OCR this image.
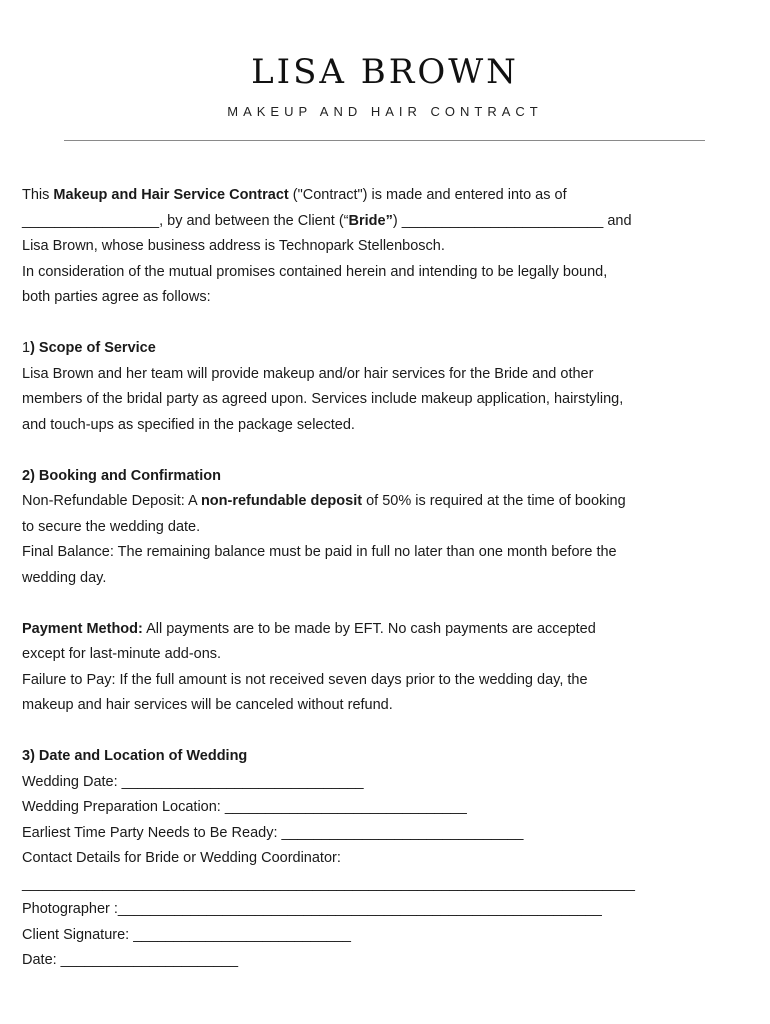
LISA BROWN
MAKEUP AND HAIR CONTRACT
This Makeup and Hair Service Contract ("Contract") is made and entered into as of
_________________, by and between the Client (“Bride”) _________________________ and
Lisa Brown, whose business address is Technopark Stellenbosch.
In consideration of the mutual promises contained herein and intending to be legally bound,
both parties agree as follows:
1) Scope of Service
Lisa Brown and her team will provide makeup and/or hair services for the Bride and other
members of the bridal party as agreed upon. Services include makeup application, hairstyling,
and touch-ups as specified in the package selected.
2) Booking and Confirmation
Non-Refundable Deposit: A non-refundable deposit of 50% is required at the time of booking
to secure the wedding date.
Final Balance: The remaining balance must be paid in full no later than one month before the
wedding day.
Payment Method: All payments are to be made by EFT. No cash payments are accepted
except for last-minute add-ons.
Failure to Pay: If the full amount is not received seven days prior to the wedding day, the
makeup and hair services will be canceled without refund.
3) Date and Location of Wedding
Wedding Date: ______________________________
Wedding Preparation Location: ______________________________
Earliest Time Party Needs to Be Ready: ______________________________
Contact Details for Bride or Wedding Coordinator:
____________________________________________________________________________
Photographer :____________________________________________________________
Client Signature: ___________________________
Date: ______________________
